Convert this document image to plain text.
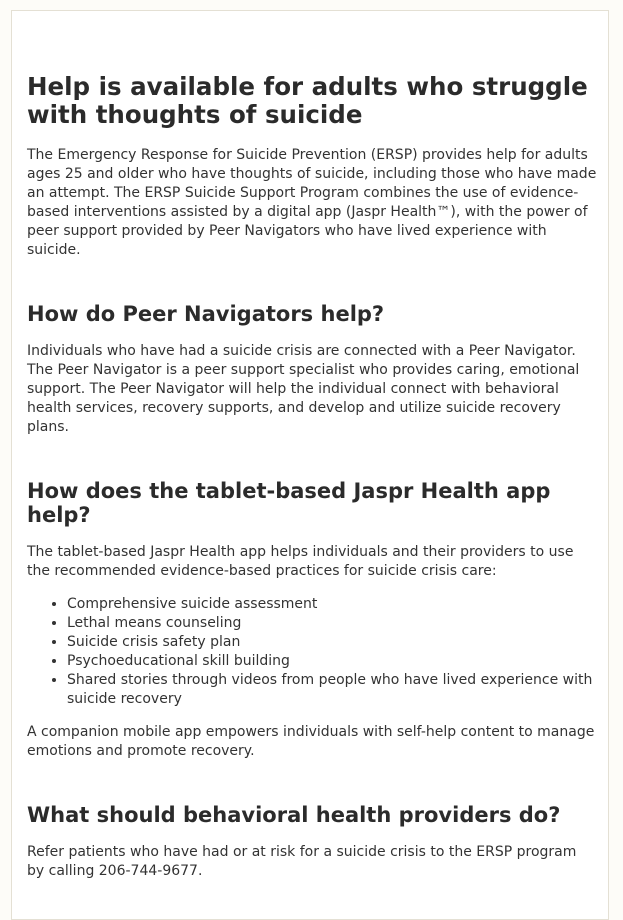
Help is available for adults who struggle with thoughts of suicide

The Emergency Response for Suicide Prevention (ERSP) provides help for adults ages 25 and older who have thoughts of suicide, including those who have made an attempt. The ERSP Suicide Support Program combines the use of evidence-based interventions assisted by a digital app (Jaspr Health™), with the power of peer support provided by Peer Navigators who have lived experience with suicide.

How do Peer Navigators help?

Individuals who have had a suicide crisis are connected with a Peer Navigator. The Peer Navigator is a peer support specialist who provides caring, emotional support. The Peer Navigator will help the individual connect with behavioral health services, recovery supports, and develop and utilize suicide recovery plans.

How does the tablet-based Jaspr Health app help?

The tablet-based Jaspr Health app helps individuals and their providers to use the recommended evidence-based practices for suicide crisis care:

• Comprehensive suicide assessment
• Lethal means counseling
• Suicide crisis safety plan
• Psychoeducational skill building
• Shared stories through videos from people who have lived experience with suicide recovery

A companion mobile app empowers individuals with self-help content to manage emotions and promote recovery.

What should behavioral health providers do?

Refer patients who have had or at risk for a suicide crisis to the ERSP program by calling 206-744-9677.
